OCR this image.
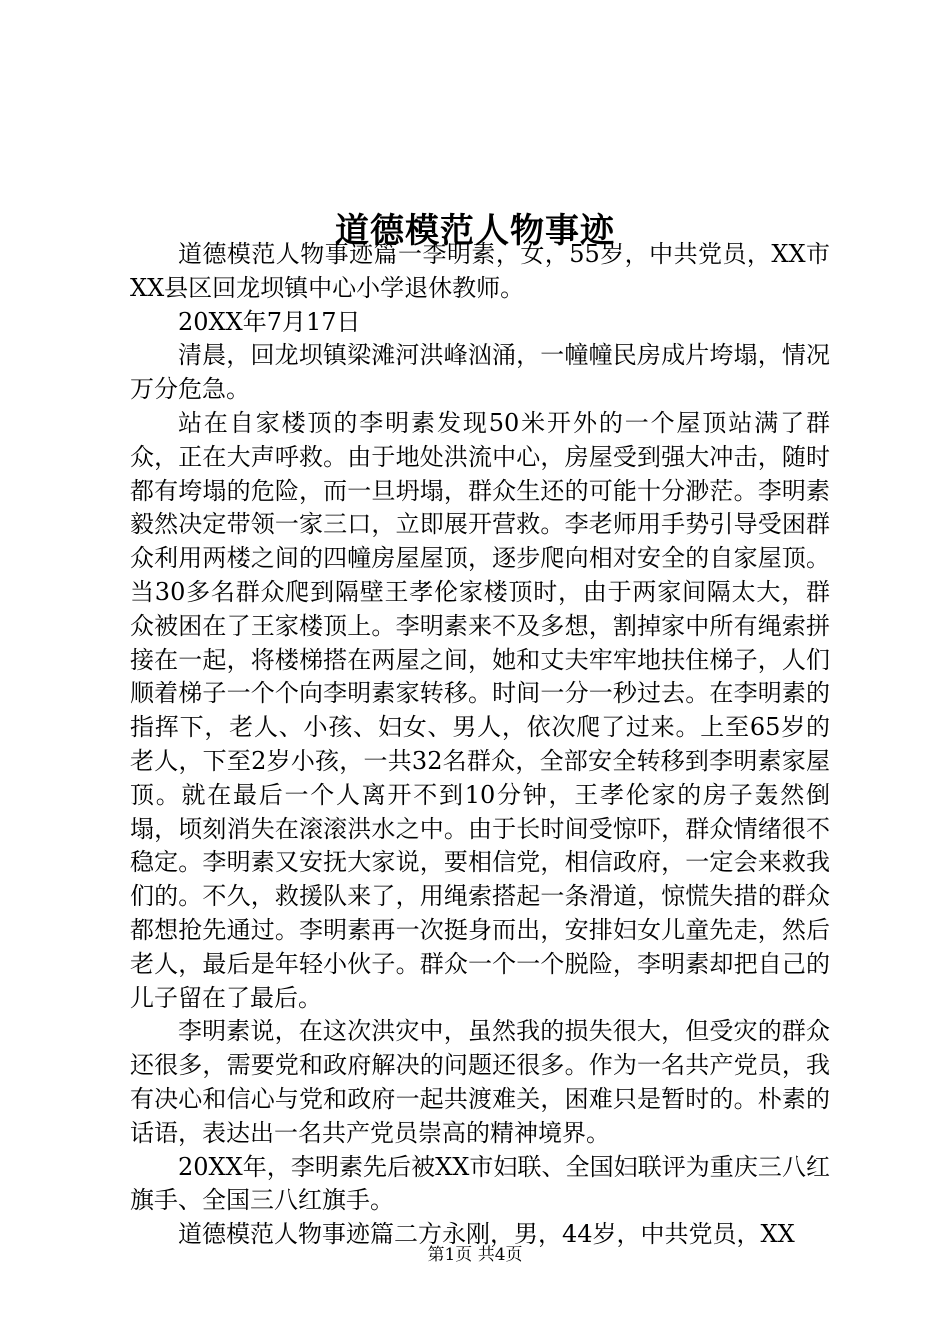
道德模范人物事迹

道德模范人物事迹篇一李明素，女，55岁，中共党员，XX市XX县区回龙坝镇中心小学退休教师。

20XX年7月17日

清晨，回龙坝镇梁滩河洪峰汹涌，一幢幢民房成片垮塌，情况万分危急。

站在自家楼顶的李明素发现50米开外的一个屋顶站满了群众，正在大声呼救。由于地处洪流中心，房屋受到强大冲击，随时都有垮塌的危险，而一旦坍塌，群众生还的可能十分渺茫。李明素毅然决定带领一家三口，立即展开营救。李老师用手势引导受困群众利用两楼之间的四幢房屋屋顶，逐步爬向相对安全的自家屋顶。当30多名群众爬到隔壁王孝伦家楼顶时，由于两家间隔太大，群众被困在了王家楼顶上。李明素来不及多想，割掉家中所有绳索拼接在一起，将楼梯搭在两屋之间，她和丈夫牢牢地扶住梯子，人们顺着梯子一个个向李明素家转移。时间一分一秒过去。在李明素的指挥下，老人、小孩、妇女、男人，依次爬了过来。上至65岁的老人，下至2岁小孩，一共32名群众，全部安全转移到李明素家屋顶。就在最后一个人离开不到10分钟，王孝伦家的房子轰然倒塌，顷刻消失在滚滚洪水之中。由于长时间受惊吓，群众情绪很不稳定。李明素又安抚大家说，要相信党，相信政府，一定会来救我们的。不久，救援队来了，用绳索搭起一条滑道，惊慌失措的群众都想抢先通过。李明素再一次挺身而出，安排妇女儿童先走，然后老人，最后是年轻小伙子。群众一个一个脱险，李明素却把自己的儿子留在了最后。

李明素说，在这次洪灾中，虽然我的损失很大，但受灾的群众还很多，需要党和政府解决的问题还很多。作为一名共产党员，我有决心和信心与党和政府一起共渡难关，困难只是暂时的。朴素的话语，表达出一名共产党员崇高的精神境界。

20XX年，李明素先后被XX市妇联、全国妇联评为重庆三八红旗手、全国三八红旗手。

道德模范人物事迹篇二方永刚，男，44岁，中共党员，XX

第1页 共4页
